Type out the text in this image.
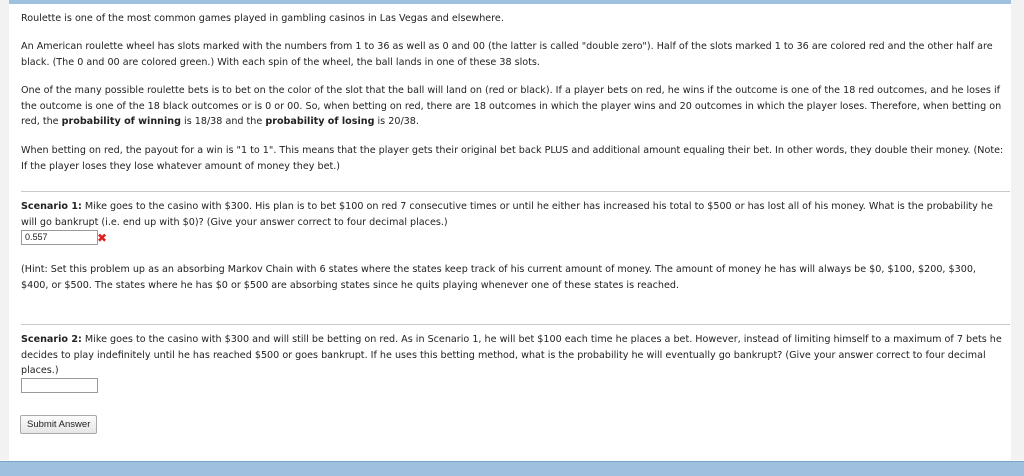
Roulette is one of the most common games played in gambling casinos in Las Vegas and elsewhere.

An American roulette wheel has slots marked with the numbers from 1 to 36 as well as 0 and 00 (the latter is called "double zero"). Half of the slots marked 1 to 36 are colored red and the other half are black. (The 0 and 00 are colored green.) With each spin of the wheel, the ball lands in one of these 38 slots.

One of the many possible roulette bets is to bet on the color of the slot that the ball will land on (red or black). If a player bets on red, he wins if the outcome is one of the 18 red outcomes, and he loses if the outcome is one of the 18 black outcomes or is 0 or 00. So, when betting on red, there are 18 outcomes in which the player wins and 20 outcomes in which the player loses. Therefore, when betting on red, the probability of winning is 18/38 and the probability of losing is 20/38.

When betting on red, the payout for a win is "1 to 1". This means that the player gets their original bet back PLUS and additional amount equaling their bet. In other words, they double their money. (Note: If the player loses they lose whatever amount of money they bet.)

Scenario 1: Mike goes to the casino with $300. His plan is to bet $100 on red 7 consecutive times or until he either has increased his total to $500 or has lost all of his money. What is the probability he will go bankrupt (i.e. end up with $0)? (Give your answer correct to four decimal places.)

0.557	✖

(Hint: Set this problem up as an absorbing Markov Chain with 6 states where the states keep track of his current amount of money. The amount of money he has will always be $0, $100, $200, $300, $400, or $500. The states where he has $0 or $500 are absorbing states since he quits playing whenever one of these states is reached.

Scenario 2: Mike goes to the casino with $300 and will still be betting on red. As in Scenario 1, he will bet $100 each time he places a bet. However, instead of limiting himself to a maximum of 7 bets he decides to play indefinitely until he has reached $500 or goes bankrupt. If he uses this betting method, what is the probability he will eventually go bankrupt? (Give your answer correct to four decimal places.)

Submit Answer
